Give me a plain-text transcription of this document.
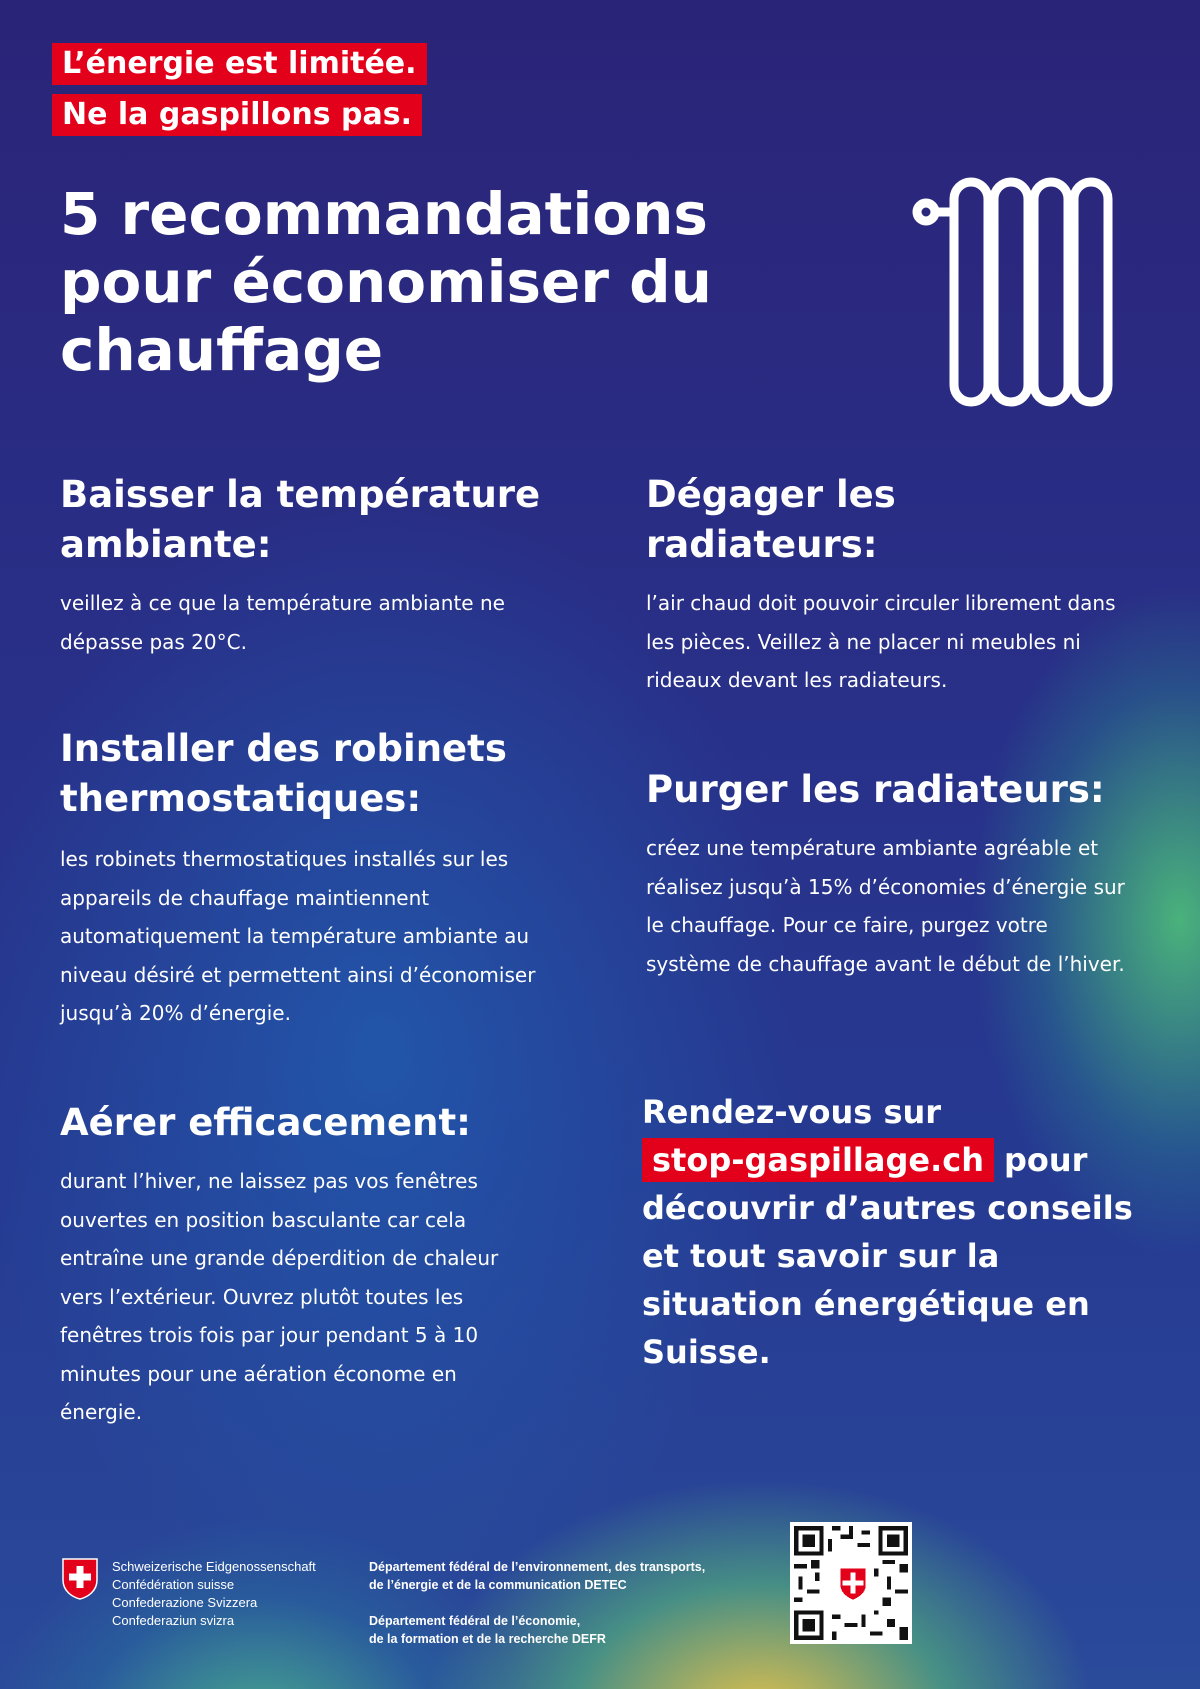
L’énergie est limitée.
Ne la gaspillons pas.
5 recommandations pour économiser du chauffage
Baisser la température ambiante:

veillez à ce que la température ambiante ne dépasse pas 20°C.

Installer des robinets thermostatiques:

les robinets thermostatiques installés sur les appareils de chauffage maintiennent automatiquement la température ambiante au niveau désiré et permettent ainsi d’économiser jusqu’à 20% d’énergie.

Aérer efficacement:

durant l’hiver, ne laissez pas vos fenêtres ouvertes en position basculante car cela entraîne une grande déperdition de chaleur vers l’extérieur. Ouvrez plutôt toutes les fenêtres trois fois par jour pendant 5 à 10 minutes pour une aération économe en énergie.

Dégager les radiateurs:

l’air chaud doit pouvoir circuler librement dans les pièces. Veillez à ne placer ni meubles ni rideaux devant les radiateurs.

Purger les radiateurs:

créez une température ambiante agréable et réalisez jusqu’à 15% d’économies d’énergie sur le chauffage. Pour ce faire, purgez votre système de chauffage avant le début de l’hiver.

Rendez-vous sur
stop-gaspillage.ch pour découvrir d’autres conseils et tout savoir sur la situation énergétique en Suisse.

Schweizerische Eidgenossenschaft
Confédération suisse
Confederazione Svizzera
Confederaziun svizra
Département fédéral de l’environnement, des transports,
de l’énergie et de la communication DETEC
Département fédéral de l’économie,
de la formation et de la recherche DEFR
